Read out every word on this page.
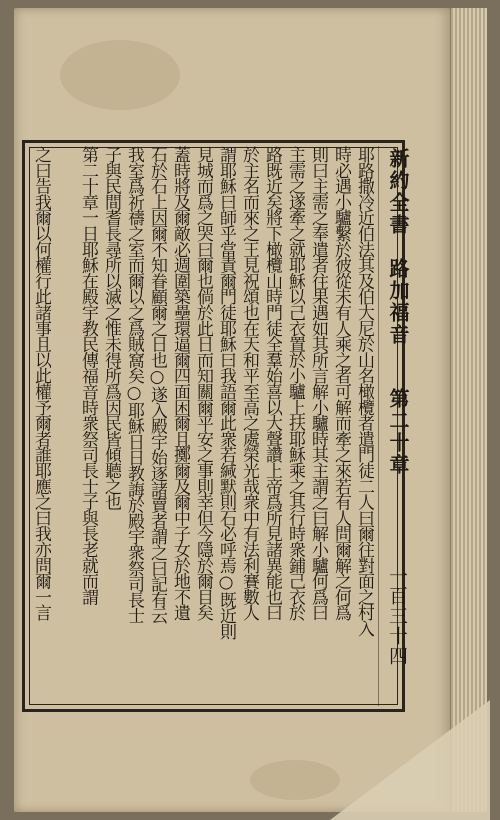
新約全書
路加福音
第二十章
一百三十四
耶路撒冷近伯法其及伯大尼於山名橄欖者遣門徒二人曰爾往對面之村入
時必遇小驢繫於彼從未有人乘之者可解而牽之來若有人問爾解之何爲
則曰主需之奉遣者往果遇如其所言解小驢時其主謂之曰解小驢何爲曰
主需之遂牽之就耶穌以己衣置於小驢上扶耶穌乘之其行時衆鋪己衣於
路既近矣將下橄欖山時門徒全羣始喜以大聲讚上帝爲所見諸異能也曰
於主名而來之王見祝頌也在天和平至高之處榮光哉衆中有法利賽數人
謂耶穌曰師乎當責爾門徒耶穌曰我語爾此衆若緘默則石必呼焉○既近則
見城而爲之哭曰爾也倘於此日而知關爾平安之事則幸但今隱於爾目矣
蓋時將及爾敵必週圍築壘環逼爾四面困爾且擲爾及爾中子女於地不遺
石於石上因爾不知眷顧爾之日也○遂入殿宇始逐諸賣者謂之曰記有云
我室爲祈禱之室而爾以之爲賊窩矣○耶穌日日教誨於殿宇衆祭司長士
子與民間耆長尋所以滅之惟未得所爲因民皆傾聽之也
第二十章一日耶穌在殿宇教民傳福音時衆祭司長士子與長老就而謂
之曰告我爾以何權行此諸事且以此權予爾者誰耶應之曰我亦問爾一言
